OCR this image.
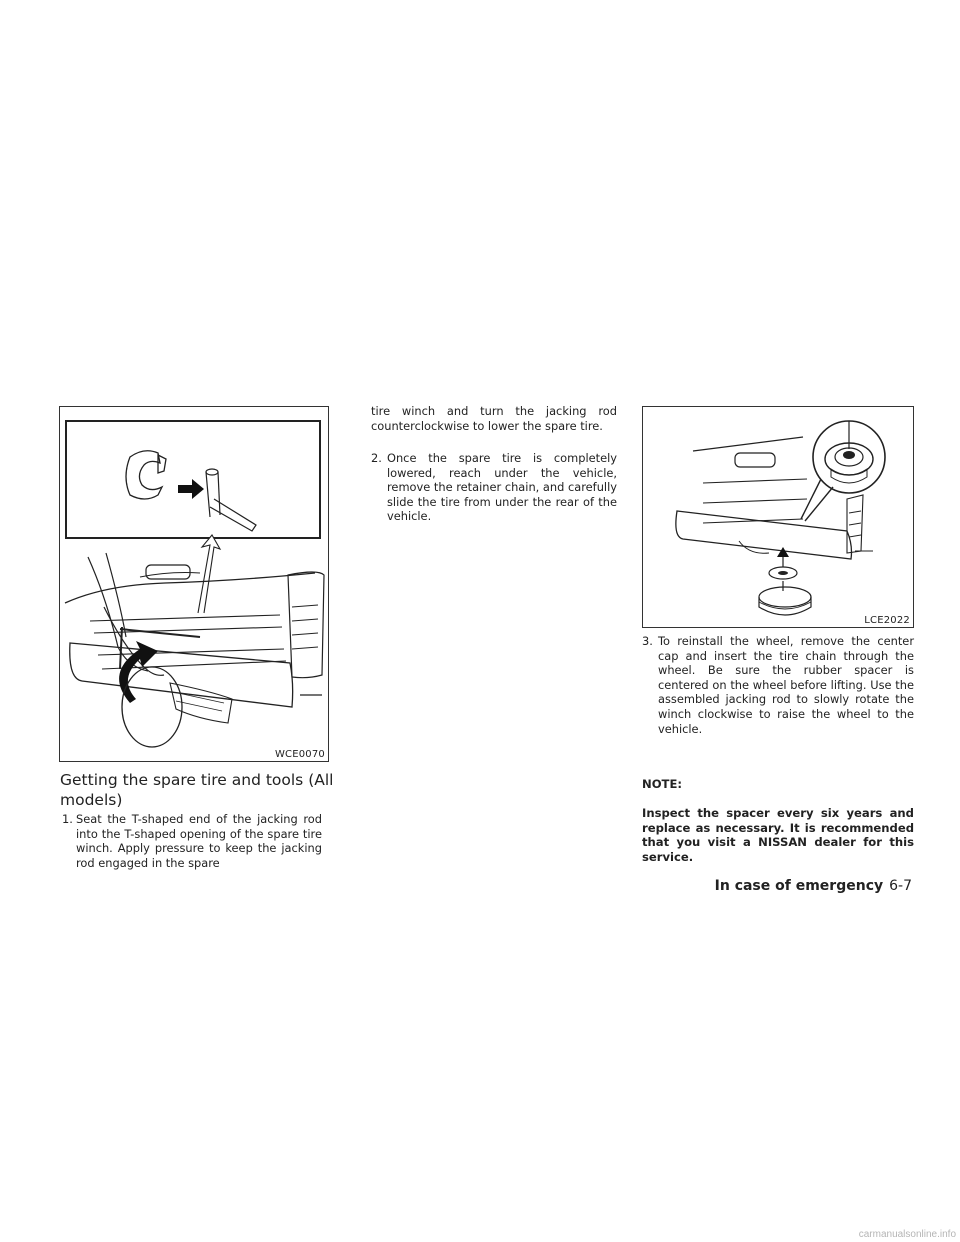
WCE0070
Getting the spare tire and tools (All models)
1. Seat the T-shaped end of the jacking rod into the T-shaped opening of the spare tire winch. Apply pressure to keep the jacking rod engaged in the spare
tire winch and turn the jacking rod counterclockwise to lower the spare tire.
2. Once the spare tire is completely lowered, reach under the vehicle, remove the retainer chain, and carefully slide the tire from under the rear of the vehicle.
LCE2022
3. To reinstall the wheel, remove the center cap and insert the tire chain through the wheel. Be sure the rubber spacer is centered on the wheel before lifting. Use the assembled jacking rod to slowly rotate the winch clockwise to raise the wheel to the vehicle.

NOTE:

Inspect the spacer every six years and replace as necessary. It is recommended that you visit a NISSAN dealer for this service.

In case of emergency 6-7
carmanualsonline.info
